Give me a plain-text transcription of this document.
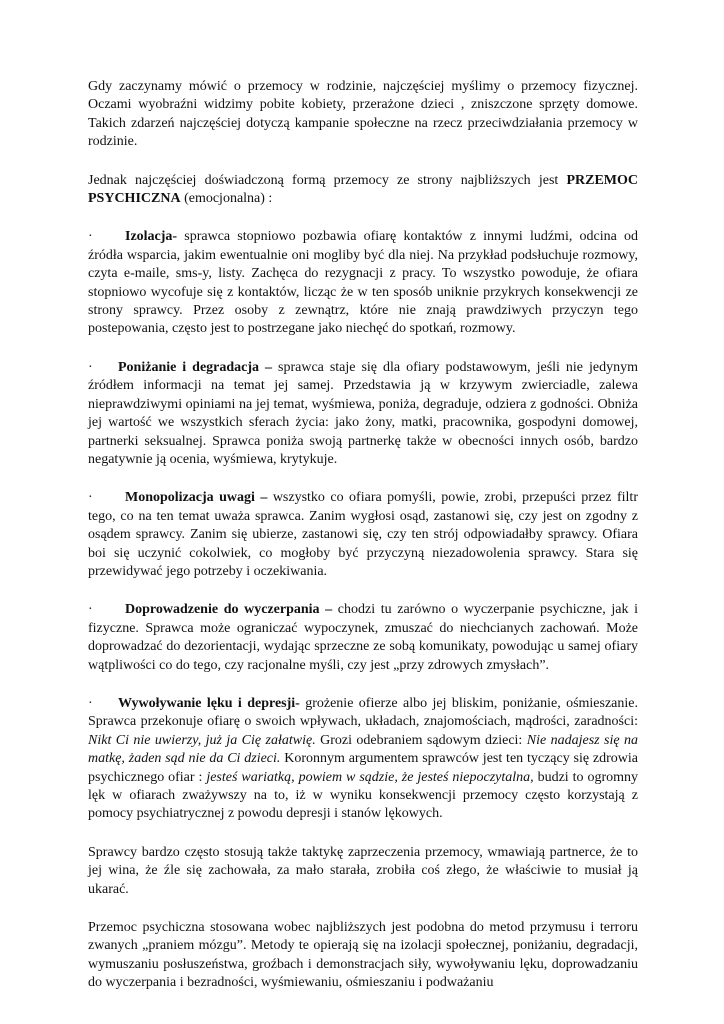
Gdy zaczynamy mówić o przemocy w rodzinie, najczęściej myślimy o przemocy fizycznej. Oczami wyobraźni widzimy pobite kobiety, przerażone dzieci , zniszczone sprzęty domowe. Takich zdarzeń najczęściej dotyczą kampanie społeczne na rzecz przeciwdziałania przemocy w rodzinie.

Jednak najczęściej doświadczoną formą przemocy ze strony najbliższych jest PRZEMOC PSYCHICZNA (emocjonalna) :

· Izolacja- sprawca stopniowo pozbawia ofiarę kontaktów z innymi ludźmi, odcina od źródła wsparcia, jakim ewentualnie oni mogliby być dla niej. Na przykład podsłuchuje rozmowy, czyta e-maile, sms-y, listy. Zachęca do rezygnacji z pracy. To wszystko powoduje, że ofiara stopniowo wycofuje się z kontaktów, licząc że w ten sposób uniknie przykrych konsekwencji ze strony sprawcy. Przez osoby z zewnątrz, które nie znają prawdziwych przyczyn tego postepowania, często jest to postrzegane jako niechęć do spotkań, rozmowy.

· Poniżanie i degradacja – sprawca staje się dla ofiary podstawowym, jeśli nie jedynym źródłem informacji na temat jej samej. Przedstawia ją w krzywym zwierciadle, zalewa nieprawdziwymi opiniami na jej temat, wyśmiewa, poniża, degraduje, odziera z godności. Obniża jej wartość we wszystkich sferach życia: jako żony, matki, pracownika, gospodyni domowej, partnerki seksualnej. Sprawca poniża swoją partnerkę także w obecności innych osób, bardzo negatywnie ją ocenia, wyśmiewa, krytykuje.

· Monopolizacja uwagi – wszystko co ofiara pomyśli, powie, zrobi, przepuści przez filtr tego, co na ten temat uważa sprawca. Zanim wygłosi osąd, zastanowi się, czy jest on zgodny z osądem sprawcy. Zanim się ubierze, zastanowi się, czy ten strój odpowiadałby sprawcy. Ofiara boi się uczynić cokolwiek, co mogłoby być przyczyną niezadowolenia sprawcy. Stara się przewidywać jego potrzeby i oczekiwania.

· Doprowadzenie do wyczerpania – chodzi tu zarówno o wyczerpanie psychiczne, jak i fizyczne. Sprawca może ograniczać wypoczynek, zmuszać do niechcianych zachowań. Może doprowadzać do dezorientacji, wydając sprzeczne ze sobą komunikaty, powodując u samej ofiary wątpliwości co do tego, czy racjonalne myśli, czy jest „przy zdrowych zmysłach”.

· Wywoływanie lęku i depresji- grożenie ofierze albo jej bliskim, poniżanie, ośmieszanie. Sprawca przekonuje ofiarę o swoich wpływach, układach, znajomościach, mądrości, zaradności: Nikt Ci nie uwierzy, już ja Cię załatwię. Grozi odebraniem sądowym dzieci: Nie nadajesz się na matkę, żaden sąd nie da Ci dzieci. Koronnym argumentem sprawców jest ten tyczący się zdrowia psychicznego ofiar : jesteś wariatką, powiem w sądzie, że jesteś niepoczytalna, budzi to ogromny lęk w ofiarach zważywszy na to, iż w wyniku konsekwencji przemocy często korzystają z pomocy psychiatrycznej z powodu depresji i stanów lękowych.

Sprawcy bardzo często stosują także taktykę zaprzeczenia przemocy, wmawiają partnerce, że to jej wina, że źle się zachowała, za mało starała, zrobiła coś złego, że właściwie to musiał ją ukarać.

Przemoc psychiczna stosowana wobec najbliższych jest podobna do metod przymusu i terroru zwanych „praniem mózgu”. Metody te opierają się na izolacji społecznej, poniżaniu, degradacji, wymuszaniu posłuszeństwa, groźbach i demonstracjach siły, wywoływaniu lęku, doprowadzaniu do wyczerpania i bezradności, wyśmiewaniu, ośmieszaniu i podważaniu
